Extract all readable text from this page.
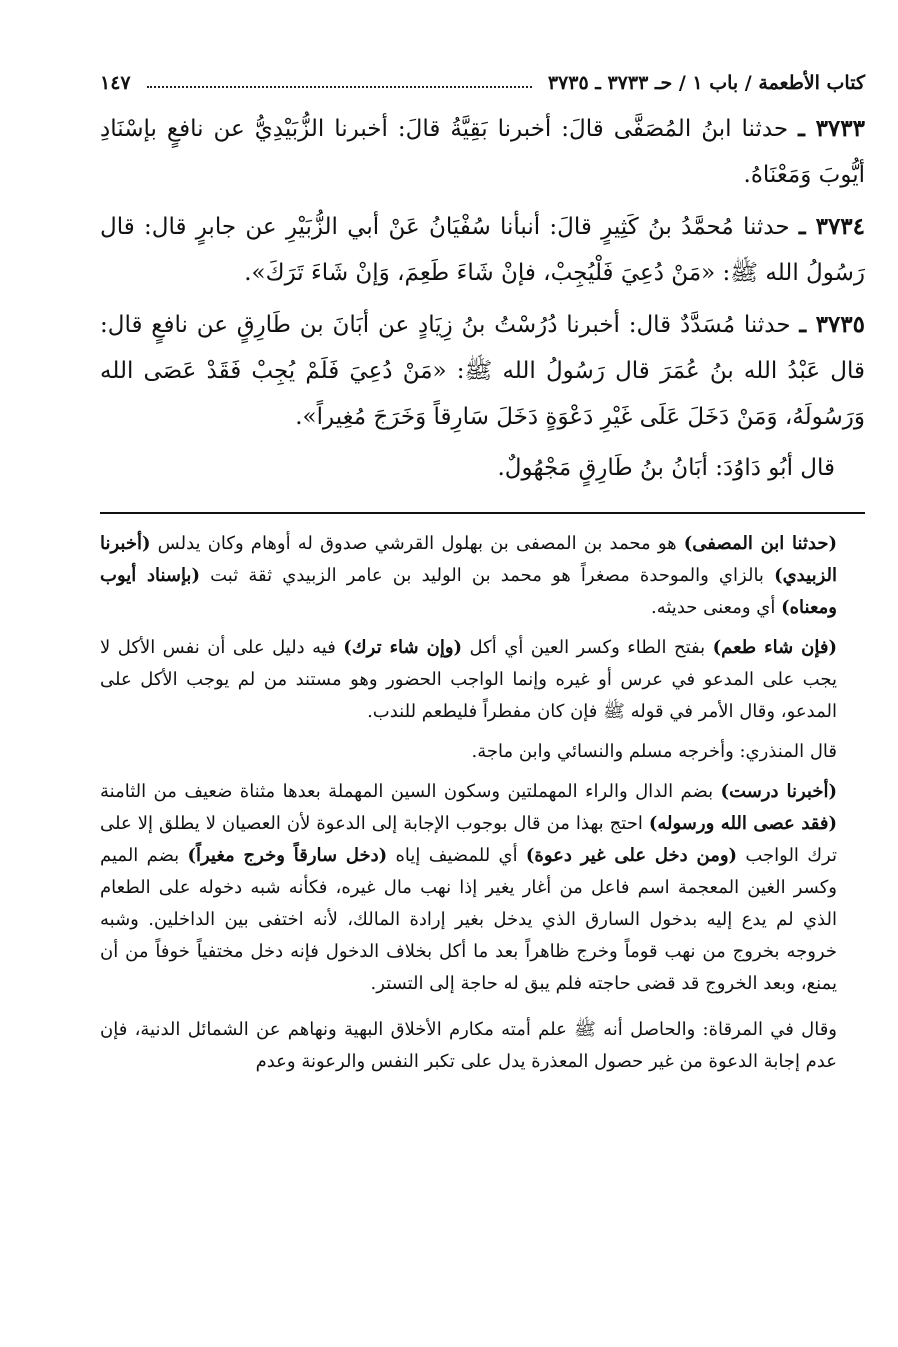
كتاب الأطعمة / باب ١ / حـ ٣٧٣٣ ـ ٣٧٣٥
١٤٧

٣٧٣٣ ـ حدثنا ابنُ المُصَفَّى قالَ: أخبرنا بَقِيَّةُ قالَ: أخبرنا الزُّبَيْدِيُّ عن نافعٍ بإسْنَادِ أيُّوبَ وَمَعْنَاهُ.

٣٧٣٤ ـ حدثنا مُحمَّدُ بنُ كَثِيرٍ قالَ: أنبأنا سُفْيَانُ عَنْ أبي الزُّبَيْرِ عن جابرٍ قال: قال رَسُولُ الله ﷺ: «مَنْ دُعِيَ فَلْيُجِبْ، فإنْ شَاءَ طَعِمَ، وَإنْ شَاءَ تَرَكَ».

٣٧٣٥ ـ حدثنا مُسَدَّدٌ قال: أخبرنا دُرُسْتُ بنُ زِيَادٍ عن أبَانَ بن طَارِقٍ عن نافعٍ قال: قال عَبْدُ الله بنُ عُمَرَ قال رَسُولُ الله ﷺ: «مَنْ دُعِيَ فَلَمْ يُجِبْ فَقَدْ عَصَى الله وَرَسُولَهُ، وَمَنْ دَخَلَ عَلَى غَيْرِ دَعْوَةٍ دَخَلَ سَارِقاً وَخَرَجَ مُغِيراً».

قال أبُو دَاوُدَ: أبَانُ بنُ طَارِقٍ مَجْهُولٌ.

(حدثنا ابن المصفى) هو محمد بن المصفى بن بهلول القرشي صدوق له أوهام وكان يدلس (أخبرنا الزبيدي) بالزاي والموحدة مصغراً هو محمد بن الوليد بن عامر الزبيدي ثقة ثبت (بإسناد أيوب ومعناه) أي ومعنى حديثه.

(فإن شاء طعم) بفتح الطاء وكسر العين أي أكل (وإن شاء ترك) فيه دليل على أن نفس الأكل لا يجب على المدعو في عرس أو غيره وإنما الواجب الحضور وهو مستند من لم يوجب الأكل على المدعو، وقال الأمر في قوله ﷺ فإن كان مفطراً فليطعم للندب.

قال المنذري: وأخرجه مسلم والنسائي وابن ماجة.

(أخبرنا درست) بضم الدال والراء المهملتين وسكون السين المهملة بعدها مثناة ضعيف من الثامنة (فقد عصى الله ورسوله) احتج بهذا من قال بوجوب الإجابة إلى الدعوة لأن العصيان لا يطلق إلا على ترك الواجب (ومن دخل على غير دعوة) أي للمضيف إياه (دخل سارقاً وخرج مغيراً) بضم الميم وكسر الغين المعجمة اسم فاعل من أغار يغير إذا نهب مال غيره، فكأنه شبه دخوله على الطعام الذي لم يدع إليه بدخول السارق الذي يدخل بغير إرادة المالك، لأنه اختفى بين الداخلين. وشبه خروجه بخروج من نهب قوماً وخرج ظاهراً بعد ما أكل بخلاف الدخول فإنه دخل مختفياً خوفاً من أن يمنع، وبعد الخروج قد قضى حاجته فلم يبق له حاجة إلى التستر.

وقال في المرقاة: والحاصل أنه ﷺ علم أمته مكارم الأخلاق البهية ونهاهم عن الشمائل الدنية، فإن عدم إجابة الدعوة من غير حصول المعذرة يدل على تكبر النفس والرعونة وعدم
